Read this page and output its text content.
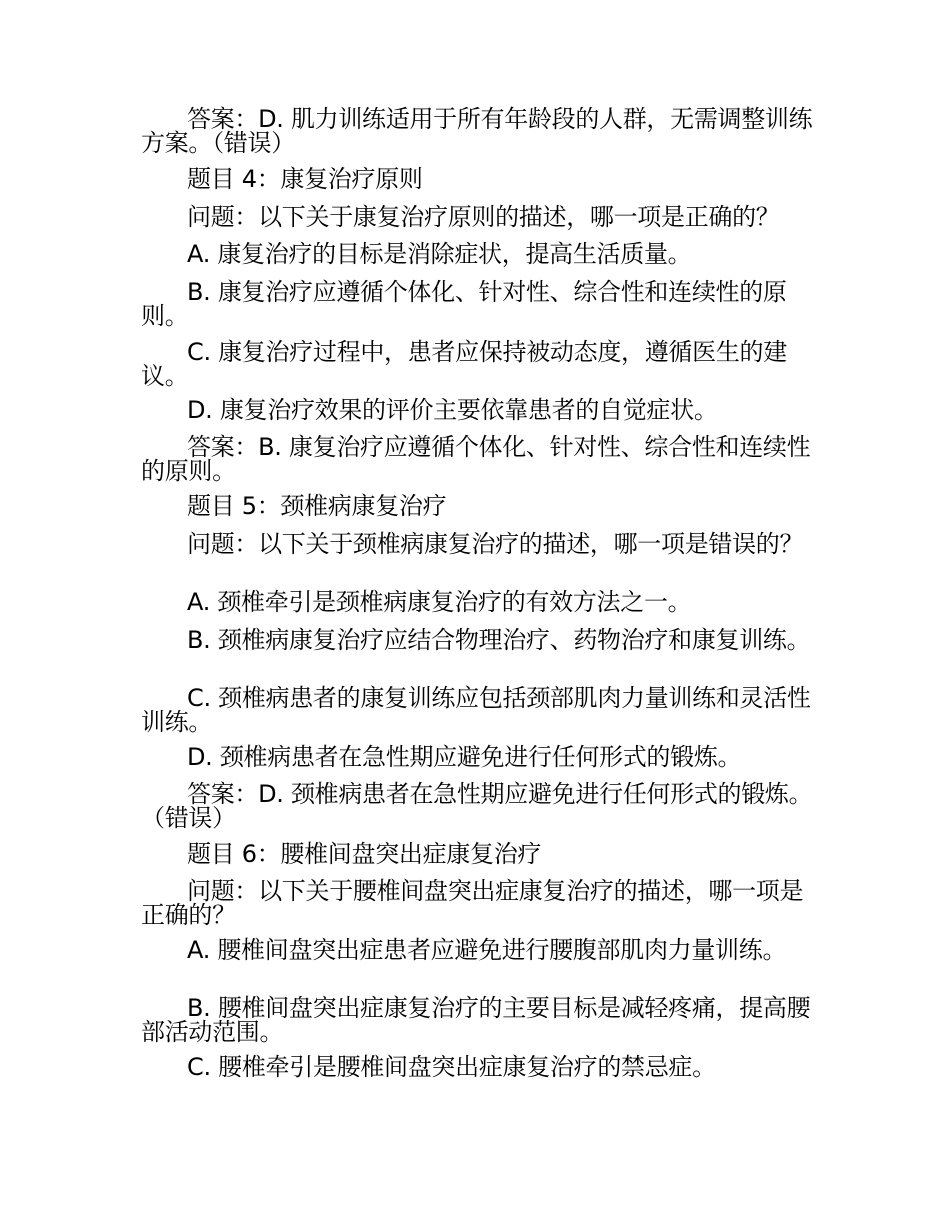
答案：D. 肌力训练适用于所有年龄段的人群，无需调整训练方案。（错误）
题目 4：康复治疗原则
问题：以下关于康复治疗原则的描述，哪一项是正确的？
A. 康复治疗的目标是消除症状，提高生活质量。
B. 康复治疗应遵循个体化、针对性、综合性和连续性的原则。
C. 康复治疗过程中，患者应保持被动态度，遵循医生的建议。
D. 康复治疗效果的评价主要依靠患者的自觉症状。
答案：B. 康复治疗应遵循个体化、针对性、综合性和连续性的原则。
题目 5：颈椎病康复治疗
问题：以下关于颈椎病康复治疗的描述，哪一项是错误的？
A. 颈椎牵引是颈椎病康复治疗的有效方法之一。
B. 颈椎病康复治疗应结合物理治疗、药物治疗和康复训练。
C. 颈椎病患者的康复训练应包括颈部肌肉力量训练和灵活性训练。
D. 颈椎病患者在急性期应避免进行任何形式的锻炼。
答案：D. 颈椎病患者在急性期应避免进行任何形式的锻炼。（错误）
题目 6：腰椎间盘突出症康复治疗
问题：以下关于腰椎间盘突出症康复治疗的描述，哪一项是正确的？
A. 腰椎间盘突出症患者应避免进行腰腹部肌肉力量训练。
B. 腰椎间盘突出症康复治疗的主要目标是减轻疼痛，提高腰部活动范围。
C. 腰椎牵引是腰椎间盘突出症康复治疗的禁忌症。
